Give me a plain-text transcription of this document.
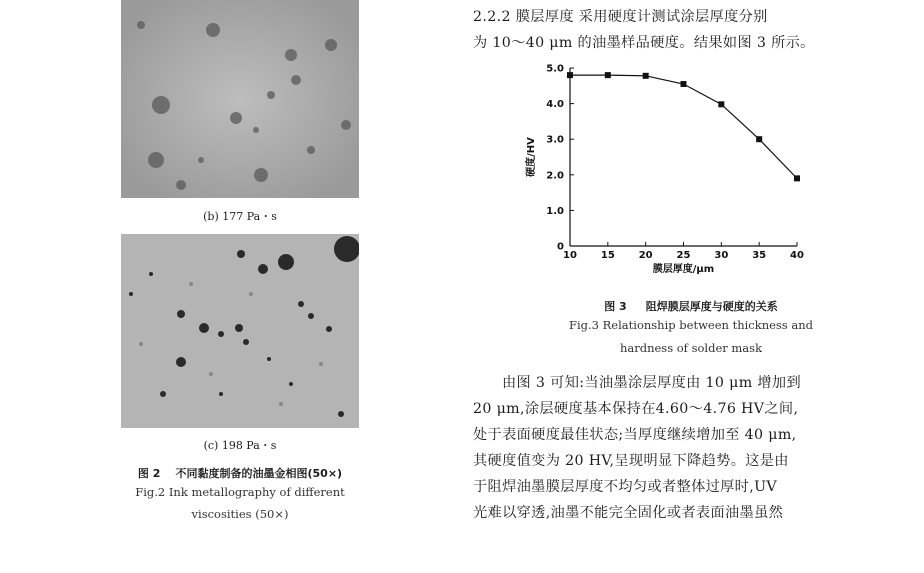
(b) 177 Pa・s
(c) 198 Pa・s
图 2 不同黏度制备的油墨金相图(50×)
Fig.2 Ink metallography of different
viscosities (50×)
2.2.2 膜层厚度 采用硬度计测试涂层厚度分别
为 10～40 μm 的油墨样品硬度。结果如图 3 所示。
10 15 20 25 30 35 40
0
1.0
2.0
3.0
4.0
5.0
膜层厚度/μm
硬度/HV
图 3 阻焊膜层厚度与硬度的关系
Fig.3 Relationship between thickness and
hardness of solder mask
由图 3 可知:当油墨涂层厚度由 10 μm 增加到
20 μm,涂层硬度基本保持在4.60～4.76 HV之间,
处于表面硬度最佳状态;当厚度继续增加至 40 μm,
其硬度值变为 20 HV,呈现明显下降趋势。这是由
于阻焊油墨膜层厚度不均匀或者整体过厚时,UV
光难以穿透,油墨不能完全固化或者表面油墨虽然
